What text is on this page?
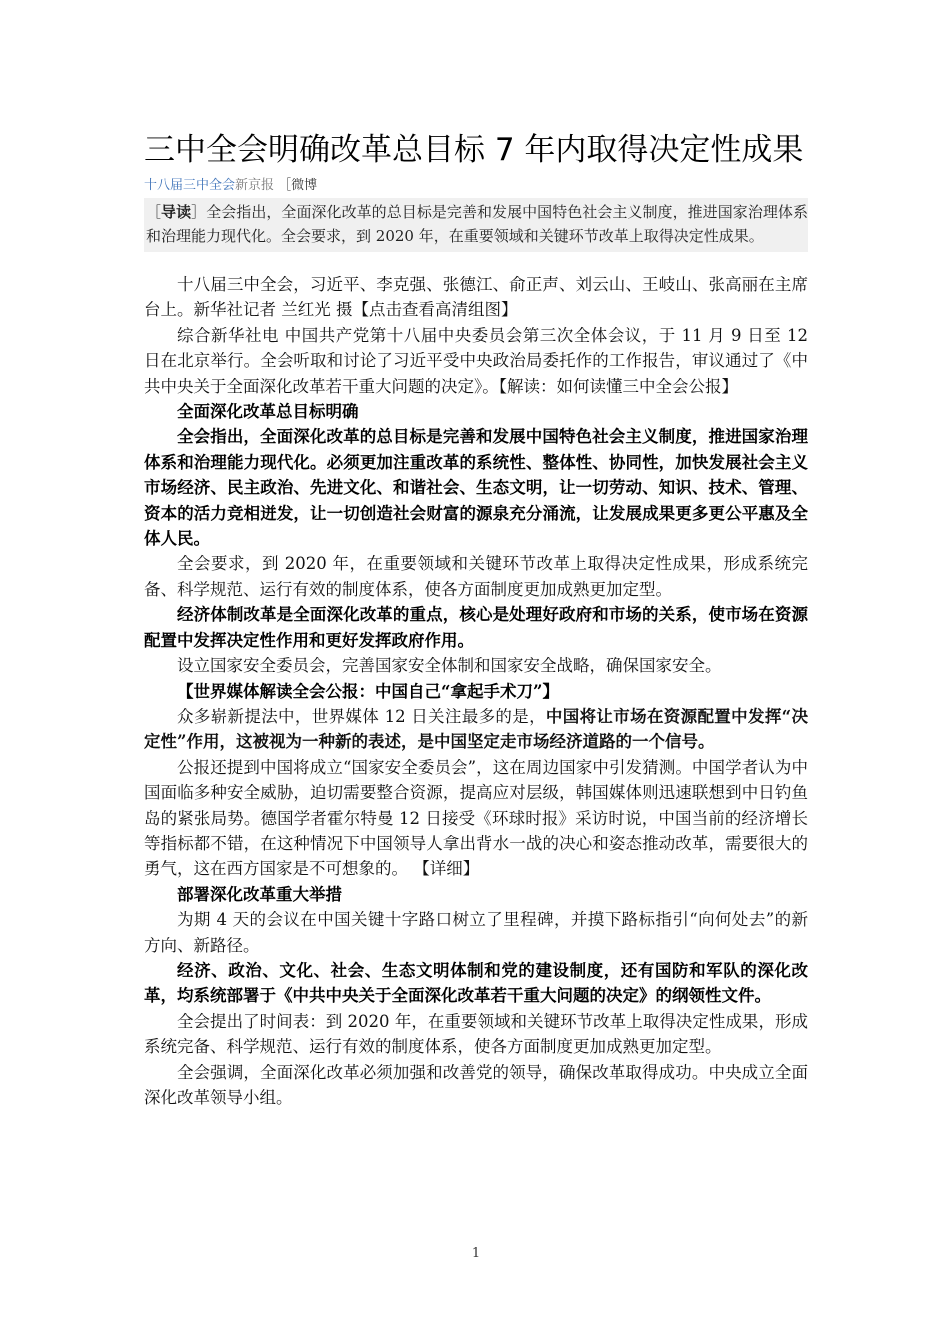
三中全会明确改革总目标 7 年内取得决定性成果
十八届三中全会新京报 ［微博
［导读］全会指出，全面深化改革的总目标是完善和发展中国特色社会主义制度，推进国家治理体系和治理能力现代化。全会要求，到 2020 年，在重要领域和关键环节改革上取得决定性成果。

十八届三中全会，习近平、李克强、张德江、俞正声、刘云山、王岐山、张高丽在主席台上。新华社记者 兰红光 摄【点击查看高清组图】

综合新华社电 中国共产党第十八届中央委员会第三次全体会议，于 11 月 9 日至 12 日在北京举行。全会听取和讨论了习近平受中央政治局委托作的工作报告，审议通过了《中共中央关于全面深化改革若干重大问题的决定》。【解读：如何读懂三中全会公报】

全面深化改革总目标明确

全会指出，全面深化改革的总目标是完善和发展中国特色社会主义制度，推进国家治理体系和治理能力现代化。必须更加注重改革的系统性、整体性、协同性，加快发展社会主义市场经济、民主政治、先进文化、和谐社会、生态文明，让一切劳动、知识、技术、管理、资本的活力竞相迸发，让一切创造社会财富的源泉充分涌流，让发展成果更多更公平惠及全体人民。

全会要求，到 2020 年，在重要领域和关键环节改革上取得决定性成果，形成系统完备、科学规范、运行有效的制度体系，使各方面制度更加成熟更加定型。

经济体制改革是全面深化改革的重点，核心是处理好政府和市场的关系，使市场在资源配置中发挥决定性作用和更好发挥政府作用。

设立国家安全委员会，完善国家安全体制和国家安全战略，确保国家安全。

【世界媒体解读全会公报：中国自己“拿起手术刀”】

众多崭新提法中，世界媒体 12 日关注最多的是，中国将让市场在资源配置中发挥“决定性”作用，这被视为一种新的表述，是中国坚定走市场经济道路的一个信号。

公报还提到中国将成立“国家安全委员会”，这在周边国家中引发猜测。中国学者认为中国面临多种安全威胁，迫切需要整合资源，提高应对层级，韩国媒体则迅速联想到中日钓鱼岛的紧张局势。德国学者霍尔特曼 12 日接受《环球时报》采访时说，中国当前的经济增长等指标都不错，在这种情况下中国领导人拿出背水一战的决心和姿态推动改革，需要很大的勇气，这在西方国家是不可想象的。 【详细】

部署深化改革重大举措

为期 4 天的会议在中国关键十字路口树立了里程碑，并摸下路标指引“向何处去”的新方向、新路径。

经济、政治、文化、社会、生态文明体制和党的建设制度，还有国防和军队的深化改革，均系统部署于《中共中央关于全面深化改革若干重大问题的决定》的纲领性文件。

全会提出了时间表：到 2020 年，在重要领域和关键环节改革上取得决定性成果，形成系统完备、科学规范、运行有效的制度体系，使各方面制度更加成熟更加定型。

全会强调，全面深化改革必须加强和改善党的领导，确保改革取得成功。中央成立全面深化改革领导小组。

1
